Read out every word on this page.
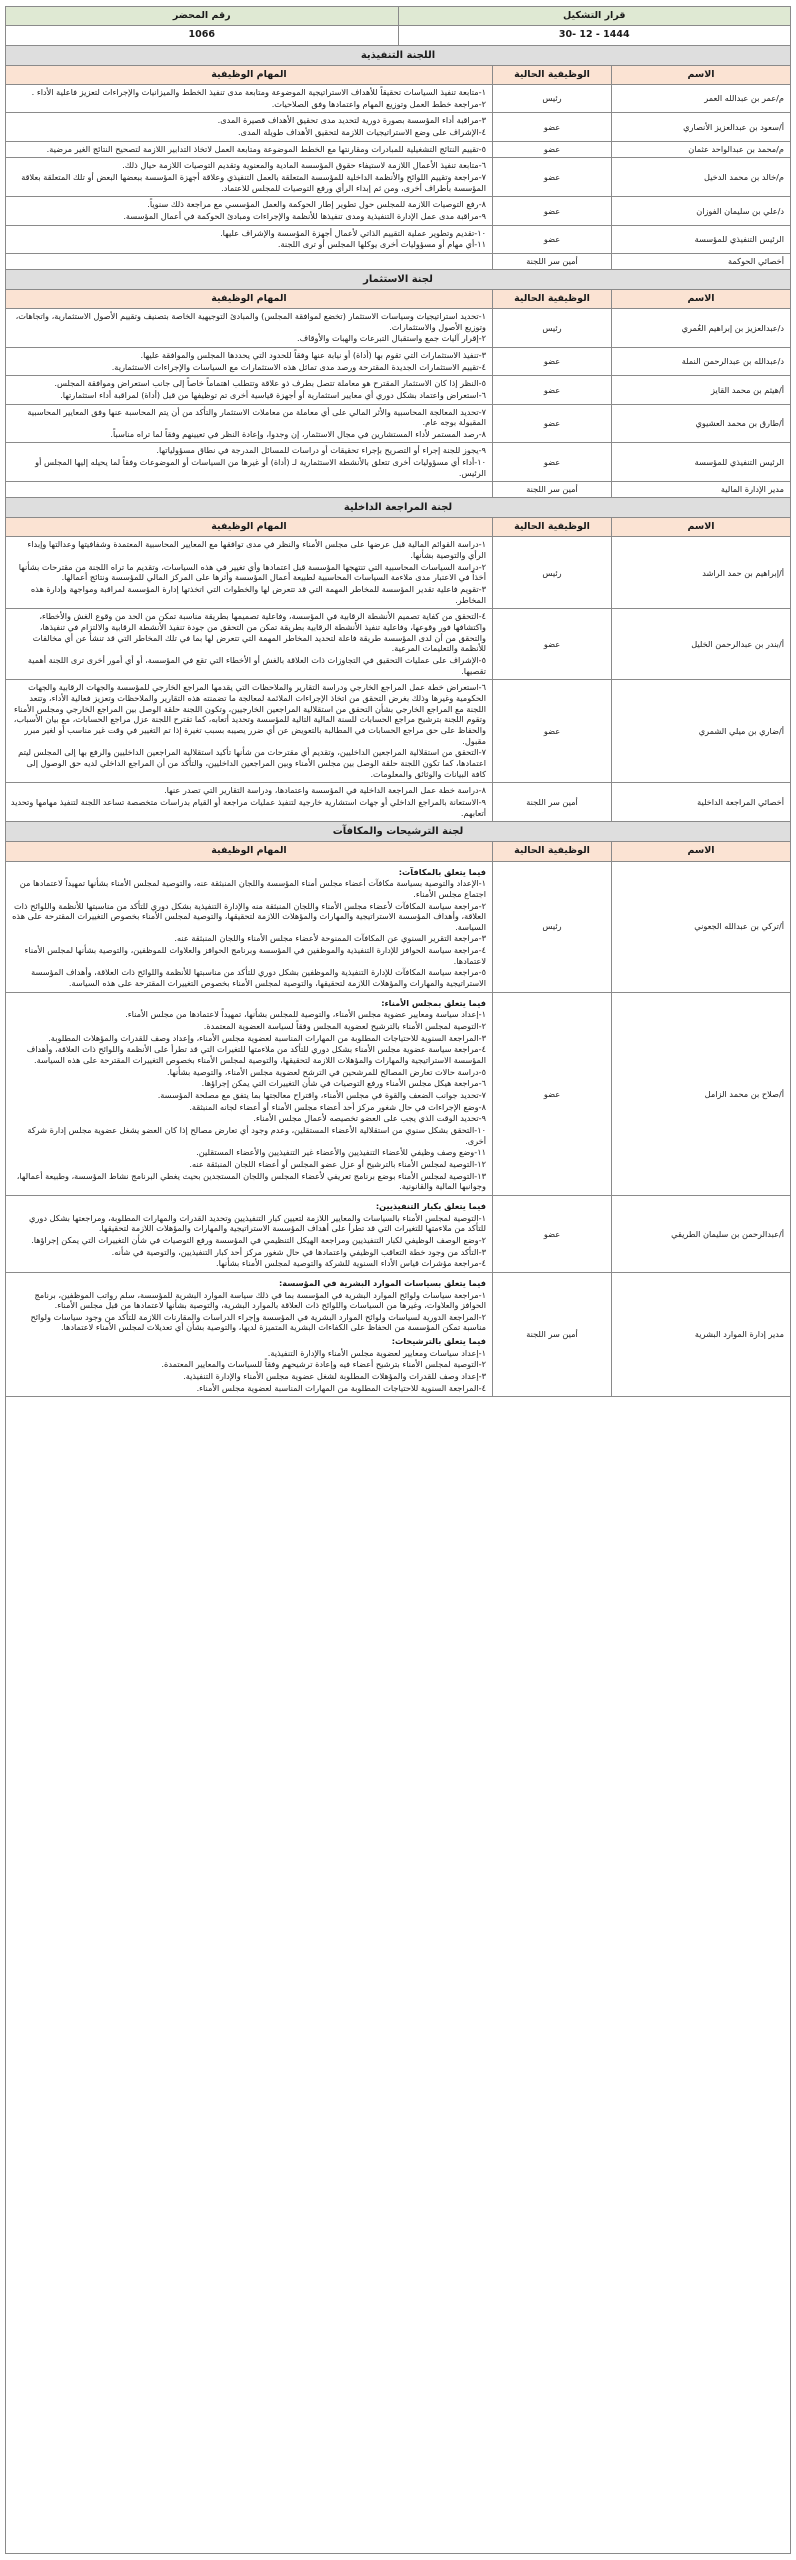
قرار التشكيل
1444 - 12 -30
رقم المحضر
1066
اللجنة التنفيذية
الاسم
الوظيفية الحالية
المهام الوظيفية
م/عمر بن عبدالله العمر
رئيس

١-متابعة تنفيذ السياسات تحقيقاً للأهداف الاستراتيجية الموضوعة ومتابعة مدى تنفيذ الخطط والميزانيات والإجراءات لتعزيز فاعلية الأداء .

٢-مراجعة خطط العمل وتوزيع المهام واعتمادها وفق الصلاحيات.

أ/سعود بن عبدالعزيز الأنصاري
عضو

٣-مراقبة أداء المؤسسة بصورة دورية لتحديد مدى تحقيق الأهداف قصيرة المدى.

٤-الإشراف على وضع الاستراتيجيات اللازمة لتحقيق الأهداف طويلة المدى.

م/محمد بن عبدالواحد عثمان
عضو

٥-تقييم النتائج التشغيلية للمبادرات ومقارنتها مع الخطط الموضوعة ومتابعة العمل لاتخاذ التدابير اللازمة لتصحيح النتائج الغير مرضية.

م/خالد بن محمد الدخيل
عضو

٦-متابعة تنفيذ الأعمال اللازمة لاستيفاء حقوق المؤسسة المادية والمعنوية وتقديم التوصيات اللازمة حيال ذلك.

٧-مراجعة وتقييم اللوائح والأنظمة الداخلية للمؤسسة المتعلقة بالعمل التنفيذي وعلاقة أجهزة المؤسسة ببعضها البعض أو تلك المتعلقة بعلاقة المؤسسة بأطراف أخرى، ومن ثم إبداء الرأي ورفع التوصيات للمجلس للاعتماد.

د/علي بن سليمان الفوزان
عضو

٨-رفع التوصيات اللازمة للمجلس حول تطوير إطار الحوكمة والعمل المؤسسي مع مراجعة ذلك سنوياً.

٩-مراقبة مدى عمل الإدارة التنفيذية ومدى تنفيذها للأنظمة والإجراءات ومبادئ الحوكمة في أعمال المؤسسة.

الرئيس التنفيذي للمؤسسة
عضو

١٠-تقديم وتطوير عملية التقييم الذاتي لأعمال أجهزة المؤسسة والإشراف عليها.

١١-أي مهام أو مسؤوليات أخرى يوكلها المجلس أو ترى اللجنة.

أخصائي الحوكمة
أمين سر اللجنة
لجنة الاستثمار
الاسم
الوظيفية الحالية
المهام الوظيفية
د/عبدالعزيز بن إبراهيم العُمري
رئيس

١-تحديد استراتيجيات وسياسات الاستثمار (تخضع لموافقة المجلس) والمبادئ التوجيهية الخاصة بتصنيف وتقييم الأصول الاستثمارية، واتجاهات، وتوزيع الأصول والاستثمارات.

٢-إقرار آليات جمع واستقبال التبرعات والهبات والأوقاف.

د/عبدالله بن عبدالرحمن النملة
عضو

٣-تنفيذ الاستثمارات التي تقوم بها (أداة) أو نيابة عنها وفقاً للحدود التي يحددها المجلس والموافقة عليها.

٤-تقييم الاستثمارات الجديدة المقترحة ورصد مدى تماثل هذه الاستثمارات مع السياسات والإجراءات الاستثمارية.

أ/هيثم بن محمد القايز
عضو

٥-النظر إذا كان الاستثمار المقترح هو معاملة تتصل بطرف ذو علاقة وتتطلب اهتماماً خاصاً إلى جانب استعراض وموافقة المجلس.

٦-استعراض واعتماد بشكل دوري أي معايير استثمارية أو أجهزة قياسية أخرى تم توظيفها من قبل (أداة) لمراقبة أداء استثمارتها.

أ/طارق بن محمد العشيوي
عضو

٧-تحديد المعالجة المحاسبية والأثر المالي على أي معاملة من معاملات الاستثمار والتأكد من أن يتم المحاسبة عنها وفق المعايير المحاسبية المقبولة بوجه عام.

٨-رصد المستمر لأداء المستشارين في مجال الاستثمار، إن وجدوا، وإعادة النظر في تعيينهم وفقاً لما تراه مناسباً.

الرئيس التنفيذي للمؤسسة
عضو

٩-يجوز للجنة إجراء أو التصريح بإجراء تحقيقات أو دراسات للمسائل المدرجة في نطاق مسؤولياتها.

١٠-أداء أي مسؤوليات أخرى تتعلق بالأنشطة الاستثمارية لـ (أداة) أو غيرها من السياسات أو الموضوعات وفقاً لما يحيله إليها المجلس أو الرئيس.

مدير الإدارة المالية
أمين سر اللجنة
لجنة المراجعة الداخلية
الاسم
الوظيفية الحالية
المهام الوظيفية
أ/إبراهيم بن حمد الراشد
رئيس

١-دراسة القوائم المالية قبل عرضها على مجلس الأمناء والنظر في مدى توافقها مع المعايير المحاسبية المعتمدة وشفافيتها وعدالتها وإبداء الرأي والتوصية بشأنها.

٢-دراسة السياسات المحاسبية التي تنتهجها المؤسسة قبل اعتمادها وأي تغيير في هذه السياسات، وتقديم ما تراه اللجنة من مقترحات بشأنها أخذاً في الاعتبار مدى ملاءمة السياسات المحاسبية لطبيعة أعمال المؤسسة وأثرها على المركز المالي للمؤسسة ونتائج أعمالها.

٣-تقويم فاعلية تقدير المؤسسة للمخاطر المهمة التي قد تتعرض لها والخطوات التي اتخذتها إدارة المؤسسة لمراقبة ومواجهة وإدارة هذه المخاطر.

أ/بندر بن عبدالرحمن الخليل
عضو

٤-التحقق من كفاية تصميم الأنشطة الرقابية في المؤسسة، وفاعلية تصميمها بطريقة مناسبة تمكن من الحد من وقوع الغش والأخطاء، واكتشافها فور وقوعها، وفاعلية تنفيذ الأنشطة الرقابية بطريقة تمكن من التحقق من جودة تنفيذ الأنشطة الرقابية والالتزام في تنفيذها، والتحقق من أن لدى المؤسسة طريقة فاعلة لتحديد المخاطر المهمة التي تتعرض لها بما في تلك المخاطر التي قد تنشأ عن أي مخالفات للأنظمة والتعليمات المرعية.

٥-الإشراف على عمليات التحقيق في التجاوزات ذات العلاقة بالغش أو الأخطاء التي تقع في المؤسسة، أو أي أمور أخرى ترى اللجنة أهمية تقصيها.

أ/ضاري بن ميلي الشمري
عضو

٦-استعراض خطة عمل المراجع الخارجي ودراسة التقارير والملاحظات التي يقدمها المراجع الخارجي للمؤسسة والجهات الرقابية والجهات الحكومية وغيرها وذلك بغرض التحقق من اتخاذ الإجراءات الملائمة لمعالجة ما تضمنته هذه التقارير والملاحظات وتعزيز فعالية الأداء، وتتعد اللجنة مع المراجع الخارجي بشأن التحقق من استقلالية المراجعين الخارجيين، وتكون اللجنة حلقة الوصل بين المراجع الخارجي ومجلس الأمناء وتقوم اللجنة بترشيح مراجع الحسابات للسنة المالية التالية للمؤسسة وتحديد أتعابه، كما تقترح اللجنة عزل مراجع الحسابات، مع بيان الأسباب، والحفاظ على حق مراجع الحسابات في المطالبة بالتعويض عن أي ضرر يصيبه بسبب تغيرة إذا تم التغيير في وقت غير مناسب أو لغير مبرر مقبول.

٧-التحقق من استقلالية المراجعين الداخليين، وتقديم أي مقترحات من شأنها تأكيد استقلالية المراجعين الداخليين والرفع بها إلى المجلس ليتم اعتمادها، كما تكون اللجنة حلقة الوصل بين مجلس الأمناء وبين المراجعين الداخليين، والتأكد من أن المراجع الداخلي لديه حق الوصول إلى كافة البيانات والوثائق والمعلومات.

أخصائي المراجعة الداخلية
أمين سر اللجنة

٨-دراسة خطة عمل المراجعة الداخلية في المؤسسة واعتمادها، ودراسة التقارير التي تصدر عنها.

٩-الاستعانة بالمراجع الداخلي أو جهات استشارية خارجية لتنفيذ عمليات مراجعة أو القيام بدراسات متخصصة تساعد اللجنة لتنفيذ مهامها وتحديد أتعابهم.

لجنة الترشيحات والمكافآت
الاسم
الوظيفية الحالية
المهام الوظيفية
أ/تركي بن عبدالله الجعوني
رئيس

فيما يتعلق بالمكافآت:

١-الإعداد والتوصية بسياسة مكافآت أعضاء مجلس أمناء المؤسسة واللجان المنبثقة عنه، والتوصية لمجلس الأمناء بشأنها تمهيداً لاعتمادها من اجتماع مجلس الأمناء.

٢-مراجعة سياسة المكافآت لأعضاء مجلس الأمناء واللجان المنبثقة منه والإدارة التنفيذية بشكل دوري للتأكد من مناسبتها للأنظمة واللوائح ذات العلاقة، وأهداف المؤسسة الاستراتيجية والمهارات والمؤهلات اللازمة لتحقيقها، والتوصية لمجلس الأمناء بخصوص التغييرات المقترحة على هذه السياسة.

٣-مراجعة التقرير السنوي عن المكافآت الممنوحة لأعضاء مجلس الأمناء واللجان المنبثقة عنه.

٤-مراجعة سياسة الحوافز للإدارة التنفيذية والموظفين في المؤسسة وبرنامج الحوافز والعلاوات للموظفين، والتوصية بشأنها لمجلس الأمناء لاعتمادها.

٥-مراجعة سياسة المكافآت للإدارة التنفيذية والموظفين بشكل دوري للتأكد من مناسبتها للأنظمة واللوائح ذات العلاقة، وأهداف المؤسسة الاستراتيجية والمهارات والمؤهلات اللازمة لتحقيقها، والتوصية لمجلس الأمناء بخصوص التغييرات المقترحة على هذه السياسة.

أ/صلاح بن محمد الزامل
عضو

فيما يتعلق بمجلس الأمناء:

١-إعداد سياسة ومعايير عضوية مجلس الأمناء، والتوصية للمجلس بشأنها، تمهيداً لاعتمادها من مجلس الأمناء.

٢-التوصية لمجلس الأمناء بالترشيح لعضوية المجلس وفقاً لسياسة العضوية المعتمدة.

٣-المراجعة السنوية للاحتياجات المطلوبة من المهارات المناسبة لعضوية مجلس الأمناء، وإعداد وصف للقدرات والمؤهلات المطلوبة.

٤-مراجعة سياسة عضوية مجلس الأمناء بشكل دوري للتأكد من ملاءمتها للتغيرات التي قد تطرأ على الأنظمة واللوائح ذات العلاقة، وأهداف المؤسسة الاستراتيجية والمهارات والمؤهلات اللازمة لتحقيقها، والتوصية لمجلس الأمناء بخصوص التغييرات المقترحة على هذه السياسة.

٥-دراسة حالات تعارض المصالح للمرشحين في الترشح لعضوية مجلس الأمناء، والتوصية بشأنها.

٦-مراجعة هيكل مجلس الأمناء ورفع التوصيات في شأن التغييرات التي يمكن إجراؤها.

٧-تحديد جوانب الضعف والقوة في مجلس الأمناء، واقتراح معالجتها بما يتفق مع مصلحة المؤسسة.

٨-وضع الإجراءات في حال شغور مركز أحد أعضاء مجلس الأمناء أو أعضاء لجانه المنبثقة.

٩-تحديد الوقت الذي يجب على العضو تخصيصه لأعمال مجلس الأمناء.

١٠-التحقق بشكل سنوي من استقلالية الأعضاء المستقلين، وعدم وجود أي تعارض مصالح إذا كان العضو يشغل عضوية مجلس إدارة شركة أخرى.

١١-وضع وصف وظيفي للأعضاء التنفيذيين والأعضاء غير التنفيذيين والأعضاء المستقلين.

١٢-التوصية لمجلس الأمناء بالترشيح أو عزل عضو المجلس أو أعضاء اللجان المنبثقة عنه.

١٣-التوصية لمجلس الأمناء بوضع برنامج تعريفي لأعضاء المجلس واللجان المستجدين بحيث يغطي البرنامج نشاط المؤسسة، وطبيعة أعمالها، وجوانبها المالية والقانونية.

أ/عبدالرحمن بن سليمان الطريقي
عضو

فيما يتعلق بكبار التنفيذيين:

١-التوصية لمجلس الأمناء بالسياسات والمعايير اللازمة لتعيين كبار التنفيذيين وتحديد القدرات والمهارات المطلوبة، ومراجعتها بشكل دوري للتأكد من ملاءمتها للتغيرات التي قد تطرأ على أهداف المؤسسة الاستراتيجية والمهارات والمؤهلات اللازمة لتحقيقها.

٢-وضع الوصف الوظيفي لكبار التنفيذيين ومراجعة الهيكل التنظيمي في المؤسسة ورفع التوصيات في شأن التغييرات التي يمكن إجراؤها.

٣-التأكد من وجود خطة التعاقب الوظيفي واعتمادها في حال شغور مركز أحد كبار التنفيذيين، والتوصية في شأنه.

٤-مراجعة مؤشرات قياس الأداء السنوية للشركة والتوصية لمجلس الأمناء بشأنها.

مدير إدارة الموارد البشرية
أمين سر اللجنة

فيما يتعلق بسياسات الموارد البشرية في المؤسسة:

١-مراجعة سياسات ولوائح الموارد البشرية في المؤسسة بما في ذلك سياسة الموارد البشرية للمؤسسة، سلم رواتب الموظفين، برنامج الحوافز والعلاوات، وغيرها من السياسات واللوائح ذات العلاقة بالموارد البشرية، والتوصية بشأنها لاعتمادها من قبل مجلس الأمناء.

٢-المراجعة الدورية لسياسات ولوائح الموارد البشرية في المؤسسة وإجراء الدراسات والمقارنات اللازمة للتأكد من وجود سياسات ولوائح مناسبة تمكن المؤسسة من الحفاظ على الكفاءات البشرية المتميزة لديها، والتوصية بشأن أي تعديلات لمجلس الأمناء لاعتمادها.

فيما يتعلق بالترشيحات:

١-إعداد سياسات ومعايير لعضوية مجلس الأمناء والإدارة التنفيذية.

٢-التوصية لمجلس الأمناء بترشيح أعضاء فيه وإعادة ترشيحهم وفقاً للسياسات والمعايير المعتمدة.

٣-إعداد وصف للقدرات والمؤهلات المطلوبة لشغل عضوية مجلس الأمناء والإدارة التنفيذية.

٤-المراجعة السنوية للاحتياجات المطلوبة من المهارات المناسبة لعضوية مجلس الأمناء.
